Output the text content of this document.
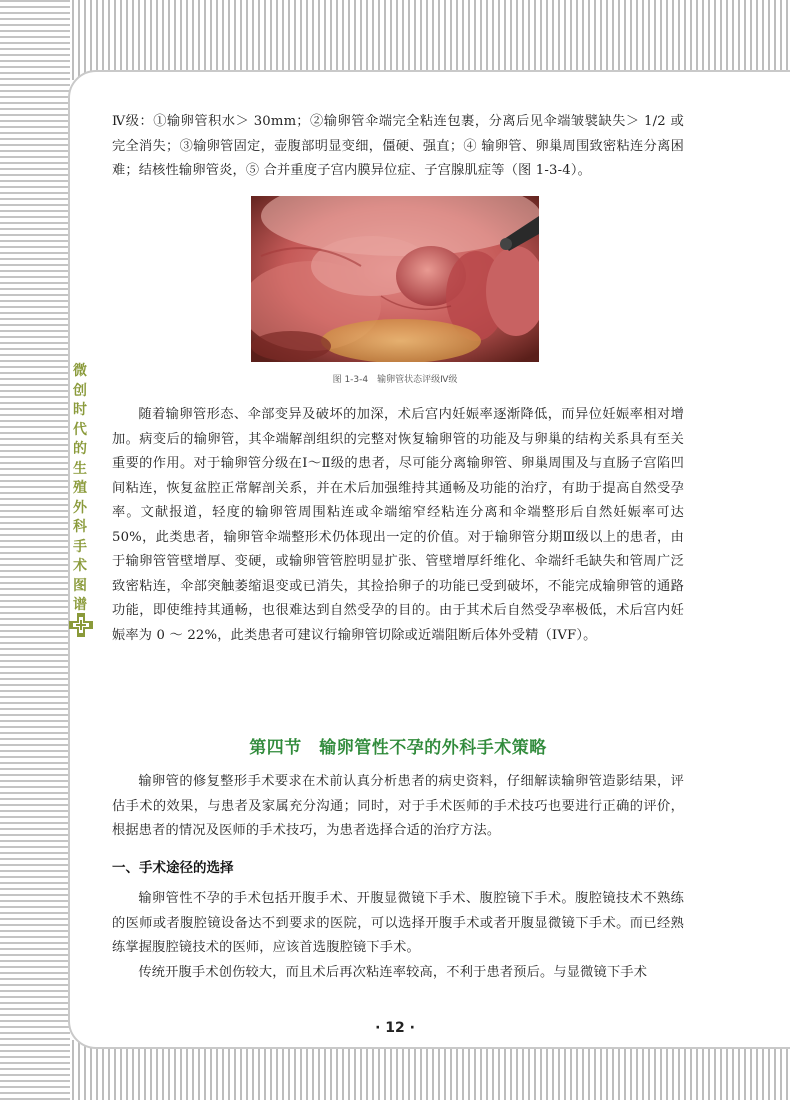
微
创
时
代
的
生
殖
外
科
手
术
图
谱

Ⅳ级：①输卵管积水＞ 30mm；②输卵管伞端完全粘连包裹，分离后见伞端皱襞缺失＞ 1/2 或完全消失；③输卵管固定，壶腹部明显变细，僵硬、强直；④ 输卵管、卵巢周围致密粘连分离困难；结核性输卵管炎，⑤ 合并重度子宫内膜异位症、子宫腺肌症等（图 1-3-4）。

图 1-3-4　输卵管状态评级Ⅳ级

随着输卵管形态、伞部变异及破坏的加深，术后宫内妊娠率逐渐降低，而异位妊娠率相对增加。病变后的输卵管，其伞端解剖组织的完整对恢复输卵管的功能及与卵巢的结构关系具有至关重要的作用。对于输卵管分级在Ⅰ～Ⅱ级的患者，尽可能分离输卵管、卵巢周围及与直肠子宫陷凹间粘连，恢复盆腔正常解剖关系，并在术后加强维持其通畅及功能的治疗，有助于提高自然受孕率。文献报道，轻度的输卵管周围粘连或伞端缩窄经粘连分离和伞端整形后自然妊娠率可达 50%，此类患者，输卵管伞端整形术仍体现出一定的价值。对于输卵管分期Ⅲ级以上的患者，由于输卵管管壁增厚、变硬，或输卵管管腔明显扩张、管壁增厚纤维化、伞端纤毛缺失和管周广泛致密粘连，伞部突触萎缩退变或已消失，其捡拾卵子的功能已受到破坏，不能完成输卵管的通路功能，即使维持其通畅，也很难达到自然受孕的目的。由于其术后自然受孕率极低，术后宫内妊娠率为 0 ～ 22%，此类患者可建议行输卵管切除或近端阻断后体外受精（IVF）。

第四节　输卵管性不孕的外科手术策略

输卵管的修复整形手术要求在术前认真分析患者的病史资料，仔细解读输卵管造影结果，评估手术的效果，与患者及家属充分沟通；同时，对于手术医师的手术技巧也要进行正确的评价，根据患者的情况及医师的手术技巧，为患者选择合适的治疗方法。

一、手术途径的选择

输卵管性不孕的手术包括开腹手术、开腹显微镜下手术、腹腔镜下手术。腹腔镜技术不熟练的医师或者腹腔镜设备达不到要求的医院，可以选择开腹手术或者开腹显微镜下手术。而已经熟练掌握腹腔镜技术的医师，应该首选腹腔镜下手术。

传统开腹手术创伤较大，而且术后再次粘连率较高，不利于患者预后。与显微镜下手术

· 12 ·
